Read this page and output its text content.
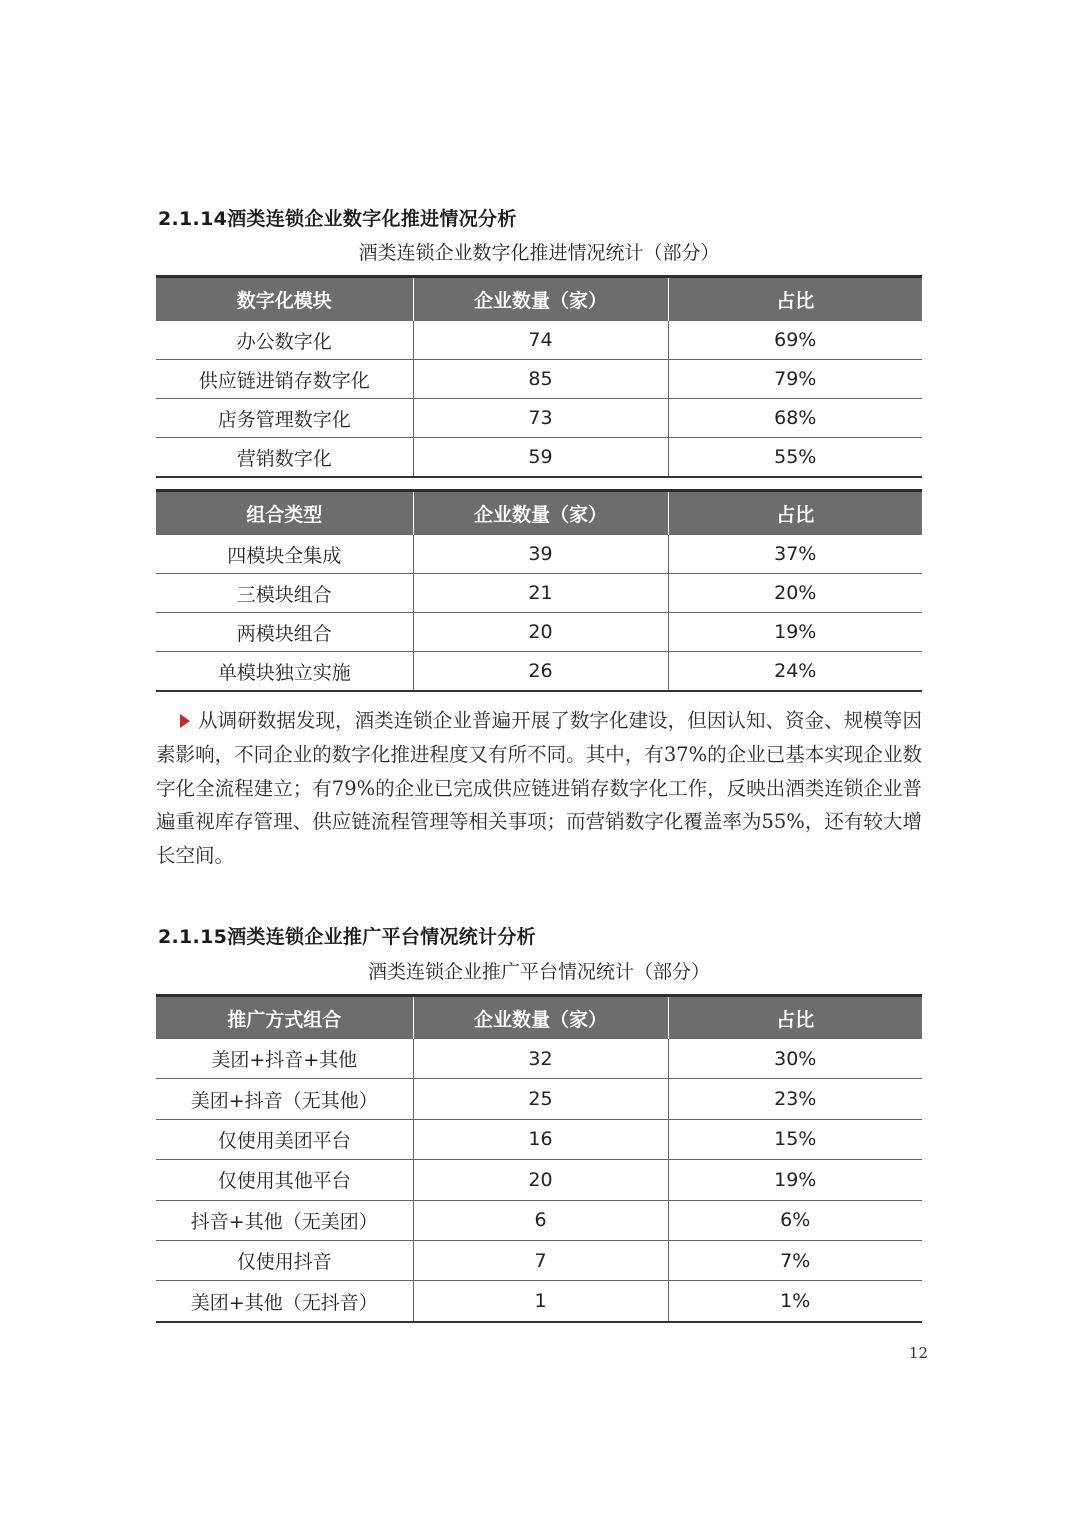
2.1.14酒类连锁企业数字化推进情况分析
酒类连锁企业数字化推进情况统计（部分）
数字化模块	企业数量（家）	占比
办公数字化	74	69%
供应链进销存数字化	85	79%
店务管理数字化	73	68%
营销数字化	59	55%
组合类型	企业数量（家）	占比
四模块全集成	39	37%
三模块组合	21	20%
两模块组合	20	19%
单模块独立实施	26	24%

从调研数据发现，酒类连锁企业普遍开展了数字化建设，但因认知、资金、规模等因素影响，不同企业的数字化推进程度又有所不同。其中，有37%的企业已基本实现企业数字化全流程建立；有79%的企业已完成供应链进销存数字化工作，反映出酒类连锁企业普遍重视库存管理、供应链流程管理等相关事项；而营销数字化覆盖率为55%，还有较大增长空间。

2.1.15酒类连锁企业推广平台情况统计分析
酒类连锁企业推广平台情况统计（部分）
推广方式组合	企业数量（家）	占比
美团+抖音+其他	32	30%
美团+抖音（无其他）	25	23%
仅使用美团平台	16	15%
仅使用其他平台	20	19%
抖音+其他（无美团）	6	6%
仅使用抖音	7	7%
美团+其他（无抖音）	1	1%
12
